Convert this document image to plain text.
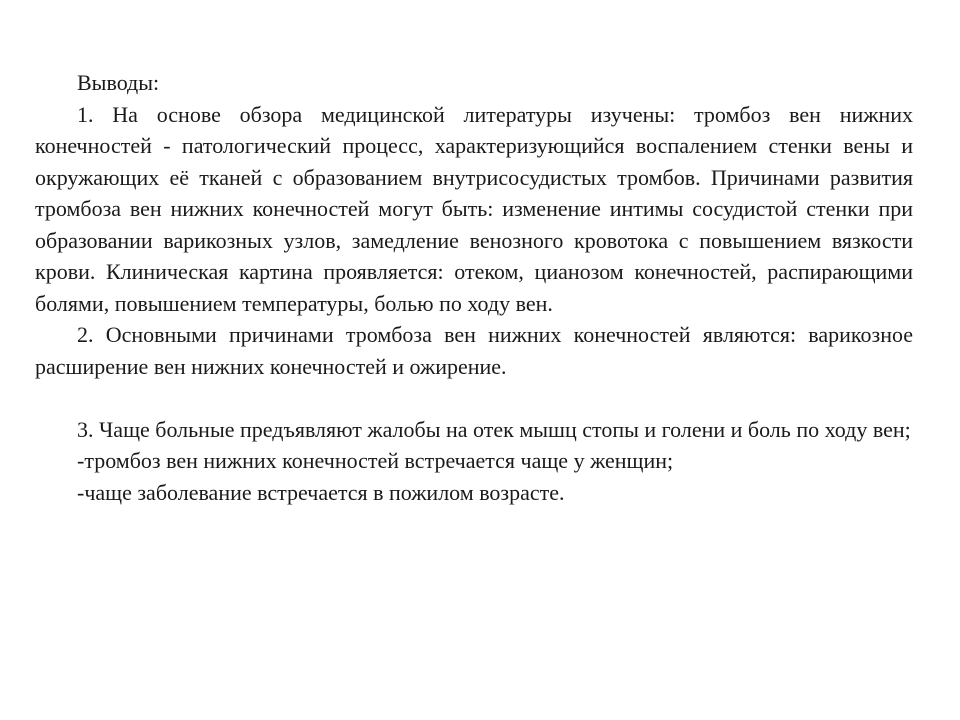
Выводы:

1. На основе обзора медицинской литературы изучены: тромбоз вен нижних конечностей - патологический процесс, характеризующийся воспалением стенки вены и окружающих её тканей с образованием внутрисосудистых тромбов. Причинами развития тромбоза вен нижних конечностей могут быть: изменение интимы сосудистой стенки при образовании варикозных узлов, замедление венозного кровотока с повышением вязкости крови. Клиническая картина проявляется: отеком, цианозом конечностей, распирающими болями, повышением температуры, болью по ходу вен.

2. Основными причинами тромбоза вен нижних конечностей являются: варикозное расширение вен нижних конечностей и ожирение.

3. Чаще больные предъявляют жалобы на отек мышц стопы и голени и боль по ходу вен;

-тромбоз вен нижних конечностей встречается чаще у женщин;

-чаще заболевание встречается в пожилом возрасте.
